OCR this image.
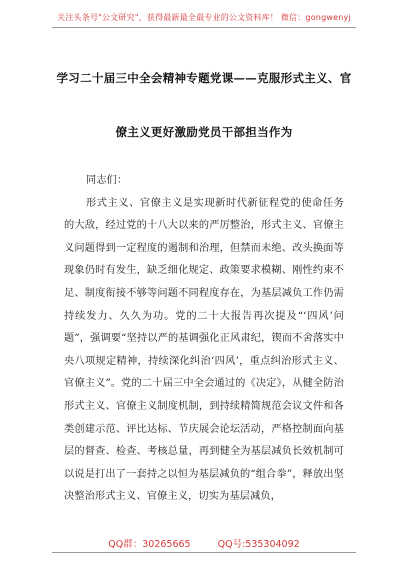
关注头条号"公文研究"，获得最新最全最专业的公文资料库！ 微信：gongwenyj
学习二十届三中全会精神专题党课——克服形式主义、官
僚主义更好激励党员干部担当作为

同志们：

形式主义、官僚主义是实现新时代新征程党的使命任务的大敌，经过党的十八大以来的严厉整治，形式主义、官僚主义问题得到一定程度的遏制和治理，但禁而未绝、改头换面等现象仍时有发生，缺乏细化规定、政策要求模糊、刚性约束不足、制度衔接不够等问题不同程度存在，为基层减负工作仍需持续发力、久久为功。党的二十大报告再次提及“‘四风’问题”，强调要“坚持以严的基调强化正风肃纪，锲而不舍落实中央八项规定精神，持续深化纠治‘四风’，重点纠治形式主义、官僚主义”。党的二十届三中全会通过的《决定》，从健全防治形式主义、官僚主义制度机制，到持续精简规范会议文件和各类创建示范、评比达标、节庆展会论坛活动，严格控制面向基层的督查、检查、考核总量，再到健全为基层减负长效机制可以说是打出了一套持之以恒为基层减负的“组合拳”，释放出坚决整治形式主义、官僚主义，切实为基层减负，

QQ群：30265665	QQ号:535304092
